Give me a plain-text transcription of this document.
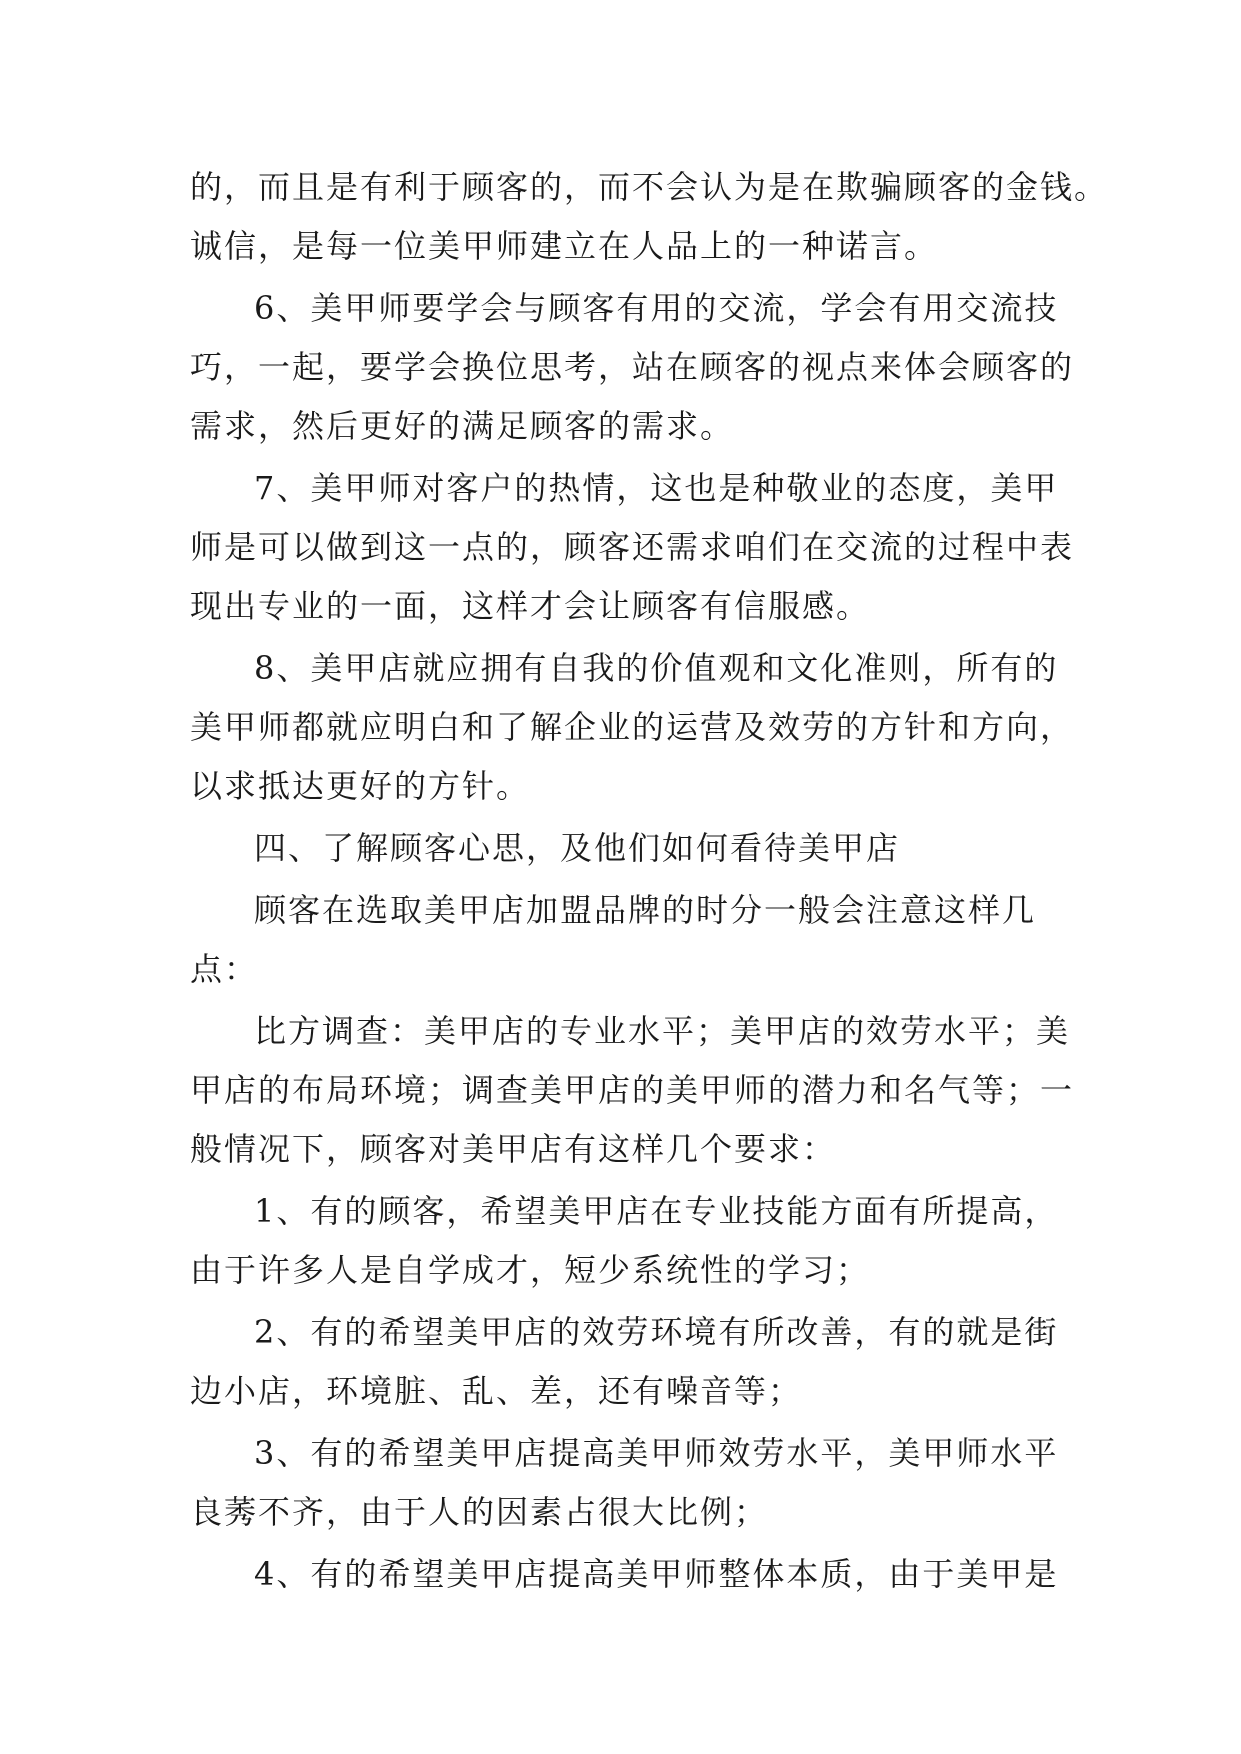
的，而且是有利于顾客的，而不会认为是在欺骗顾客的金钱。
诚信，是每一位美甲师建立在人品上的一种诺言。
6、美甲师要学会与顾客有用的交流，学会有用交流技
巧，一起，要学会换位思考，站在顾客的视点来体会顾客的
需求，然后更好的满足顾客的需求。
7、美甲师对客户的热情，这也是种敬业的态度，美甲
师是可以做到这一点的，顾客还需求咱们在交流的过程中表
现出专业的一面，这样才会让顾客有信服感。
8、美甲店就应拥有自我的价值观和文化准则，所有的
美甲师都就应明白和了解企业的运营及效劳的方针和方向，
以求抵达更好的方针。
四、了解顾客心思，及他们如何看待美甲店
顾客在选取美甲店加盟品牌的时分一般会注意这样几
点：
比方调查：美甲店的专业水平；美甲店的效劳水平；美
甲店的布局环境；调查美甲店的美甲师的潜力和名气等；一
般情况下，顾客对美甲店有这样几个要求：
1、有的顾客，希望美甲店在专业技能方面有所提高，
由于许多人是自学成才，短少系统性的学习；
2、有的希望美甲店的效劳环境有所改善，有的就是街
边小店，环境脏、乱、差，还有噪音等；
3、有的希望美甲店提高美甲师效劳水平，美甲师水平
良莠不齐，由于人的因素占很大比例；
4、有的希望美甲店提高美甲师整体本质，由于美甲是
